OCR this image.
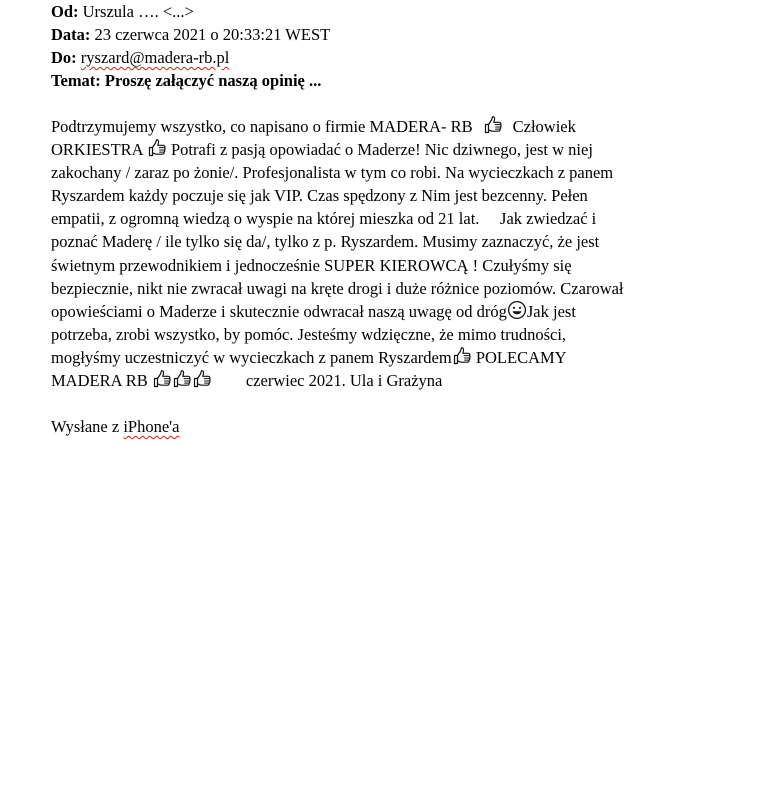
Od: Urszula …. <...>
Data: 23 czerwca 2021 o 20:33:21 WEST
Do: ryszard@madera-rb.pl
Temat: Proszę załączyć naszą opinię ...
Podtrzymujemy wszystko, co napisano o firmie MADERA- RB Człowiek
ORKIESTRA Potrafi z pasją opowiadać o Maderze! Nic dziwnego, jest w niej
zakochany / zaraz po żonie/. Profesjonalista w tym co robi. Na wycieczkach z panem
Ryszardem każdy poczuje się jak VIP. Czas spędzony z Nim jest bezcenny. Pełen
empatii, z ogromną wiedzą o wyspie na której mieszka od 21 lat.     Jak zwiedzać i
poznać Maderę / ile tylko się da/, tylko z p. Ryszardem. Musimy zaznaczyć, że jest
świetnym przewodnikiem i jednocześnie SUPER KIEROWCĄ ! Czułyśmy się
bezpiecznie, nikt nie zwracał uwagi na kręte drogi i duże różnice poziomów. Czarował
opowieściami o Maderze i skutecznie odwracał naszą uwagę od dróg Jak jest
potrzeba, zrobi wszystko, by pomóc. Jesteśmy wdzięczne, że mimo trudności,
mogłyśmy uczestniczyć w wycieczkach z panem Ryszardem POLECAMY
MADERA RB	czerwiec 2021. Ula i Grażyna
Wysłane z iPhone'a
